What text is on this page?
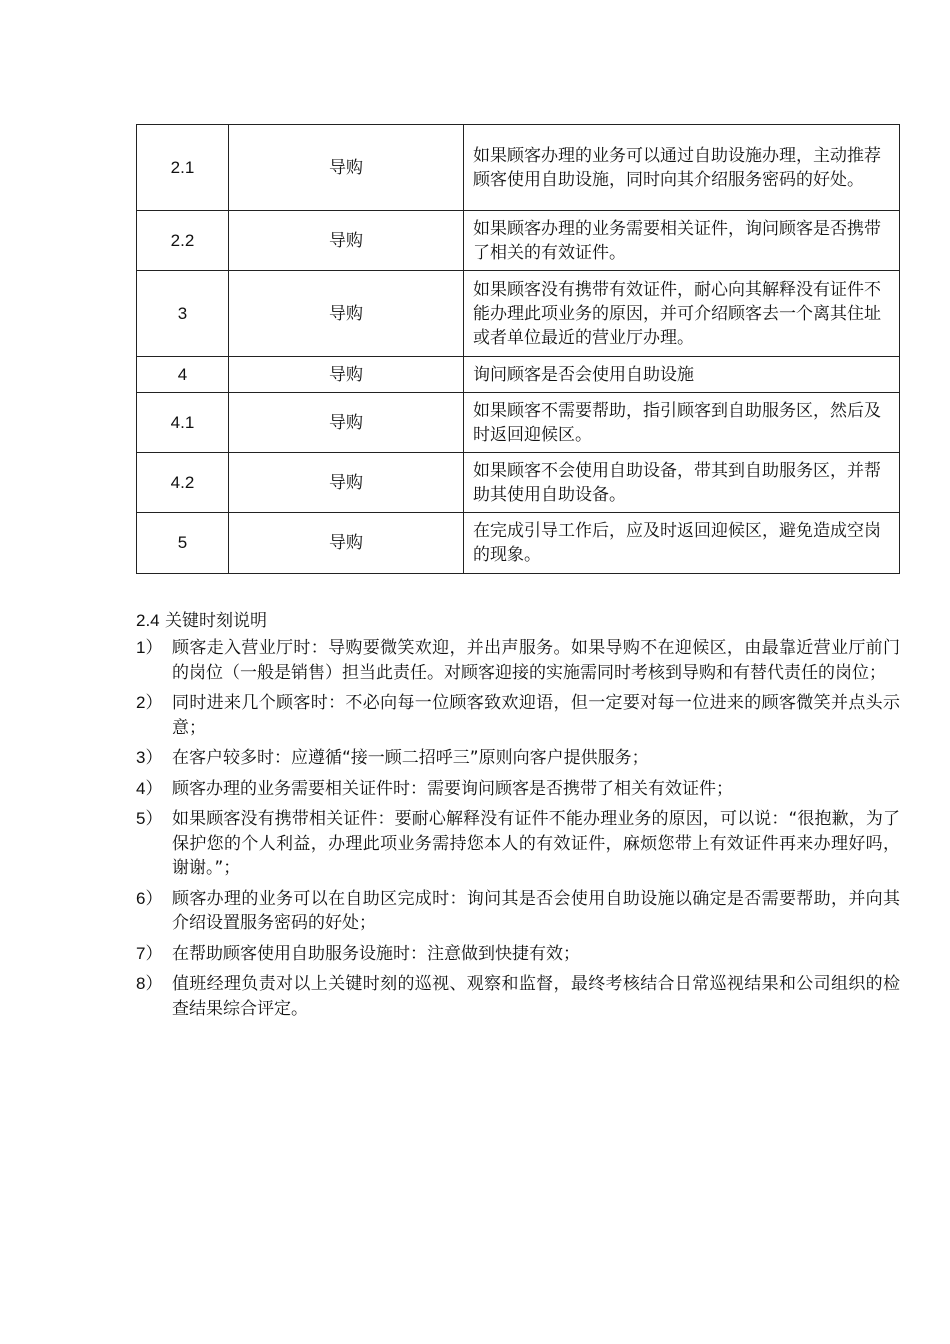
2.1	导购	如果顾客办理的业务可以通过自助设施办理，主动推荐顾客使用自助设施，同时向其介绍服务密码的好处。
2.2	导购	如果顾客办理的业务需要相关证件，询问顾客是否携带了相关的有效证件。
3	导购	如果顾客没有携带有效证件，耐心向其解释没有证件不能办理此项业务的原因，并可介绍顾客去一个离其住址或者单位最近的营业厅办理。
4	导购	询问顾客是否会使用自助设施
4.1	导购	如果顾客不需要帮助，指引顾客到自助服务区，然后及时返回迎候区。
4.2	导购	如果顾客不会使用自助设备，带其到自助服务区，并帮助其使用自助设备。
5	导购	在完成引导工作后，应及时返回迎候区，避免造成空岗的现象。
2.4 关键时刻说明
1） 顾客走入营业厅时：导购要微笑欢迎，并出声服务。如果导购不在迎候区，由最靠近营业厅前门的岗位（一般是销售）担当此责任。对顾客迎接的实施需同时考核到导购和有替代责任的岗位；
2） 同时进来几个顾客时：不必向每一位顾客致欢迎语，但一定要对每一位进来的顾客微笑并点头示意；
3） 在客户较多时：应遵循“接一顾二招呼三”原则向客户提供服务；
4） 顾客办理的业务需要相关证件时：需要询问顾客是否携带了相关有效证件；
5） 如果顾客没有携带相关证件：要耐心解释没有证件不能办理业务的原因，可以说：“很抱歉，为了保护您的个人利益，办理此项业务需持您本人的有效证件，麻烦您带上有效证件再来办理好吗，谢谢。”；
6） 顾客办理的业务可以在自助区完成时：询问其是否会使用自助设施以确定是否需要帮助，并向其介绍设置服务密码的好处；
7） 在帮助顾客使用自助服务设施时：注意做到快捷有效；
8） 值班经理负责对以上关键时刻的巡视、观察和监督，最终考核结合日常巡视结果和公司组织的检查结果综合评定。
